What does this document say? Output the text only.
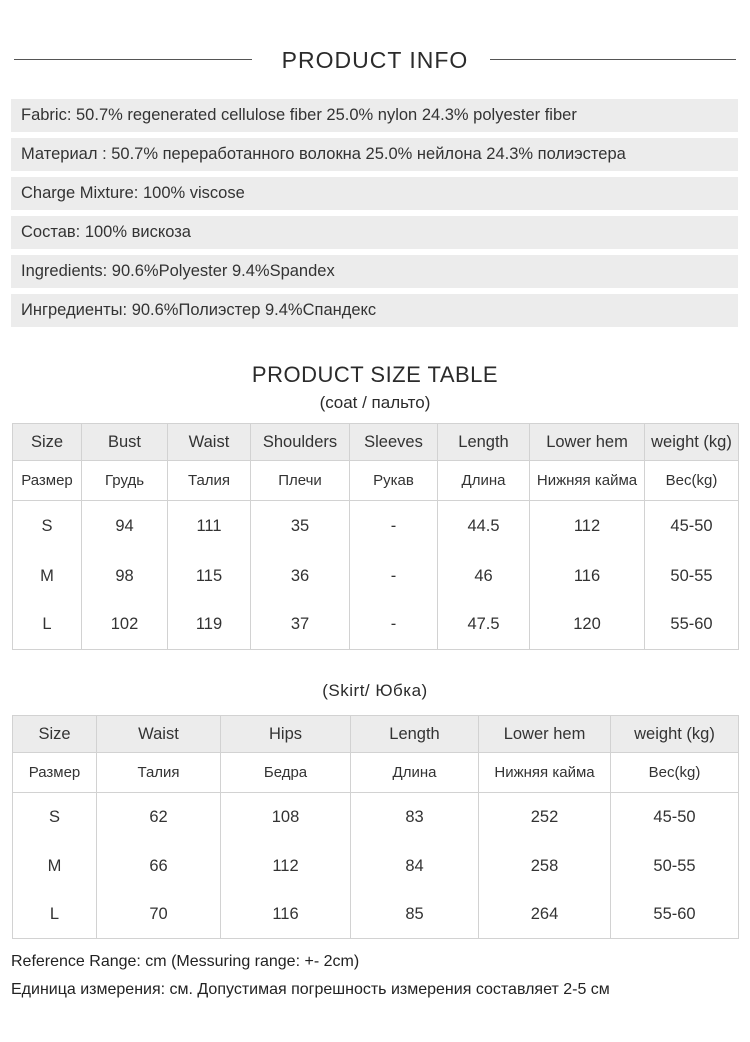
PRODUCT INFO
Fabric: 50.7% regenerated cellulose fiber 25.0% nylon 24.3% polyester fiber
Материал : 50.7% переработанного волокна 25.0% нейлона 24.3% полиэстера
Charge Mixture: 100% viscose
Состав: 100% вискоза
Ingredients: 90.6%Polyester 9.4%Spandex
Ингредиенты: 90.6%Полиэстер 9.4%Спандекс
PRODUCT SIZE TABLE
(coat / пальто)
Size	Bust	Waist	Shoulders	Sleeves	Length	Lower hem	weight (kg)
Размер	Грудь	Талия	Плечи	Рукав	Длина	Нижняя кайма	Вес(kg)
S	94	111	35	-	44.5	112	45-50
M	98	115	36	-	46	116	50-55
L	102	119	37	-	47.5	120	55-60
(Skirt/ Юбка)
Size	Waist	Hips	Length	Lower hem	weight (kg)
Размер	Талия	Бедра	Длина	Нижняя кайма	Вес(kg)
S	62	108	83	252	45-50
M	66	112	84	258	50-55
L	70	116	85	264	55-60
Reference Range: cm (Messuring range: +- 2cm)
Единица измерения: см. Допустимая погрешность измерения составляет 2-5 см
